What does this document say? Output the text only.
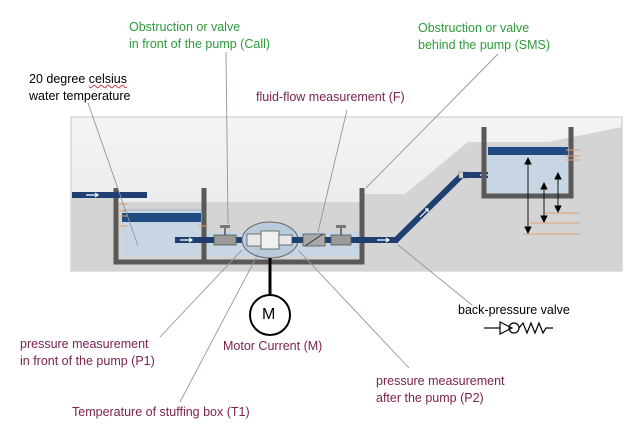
Obstruction or valve
in front of the pump (Call)
Obstruction or valve
behind the pump (SMS)
20 degree celsius
water temperature	fluid-flow measurement (F)
back-pressure valve
pressure measurement
in front of the pump (P1)
Motor Current (M)
M
pressure measurement
after the pump (P2)
Temperature of stuffing box (T1)
